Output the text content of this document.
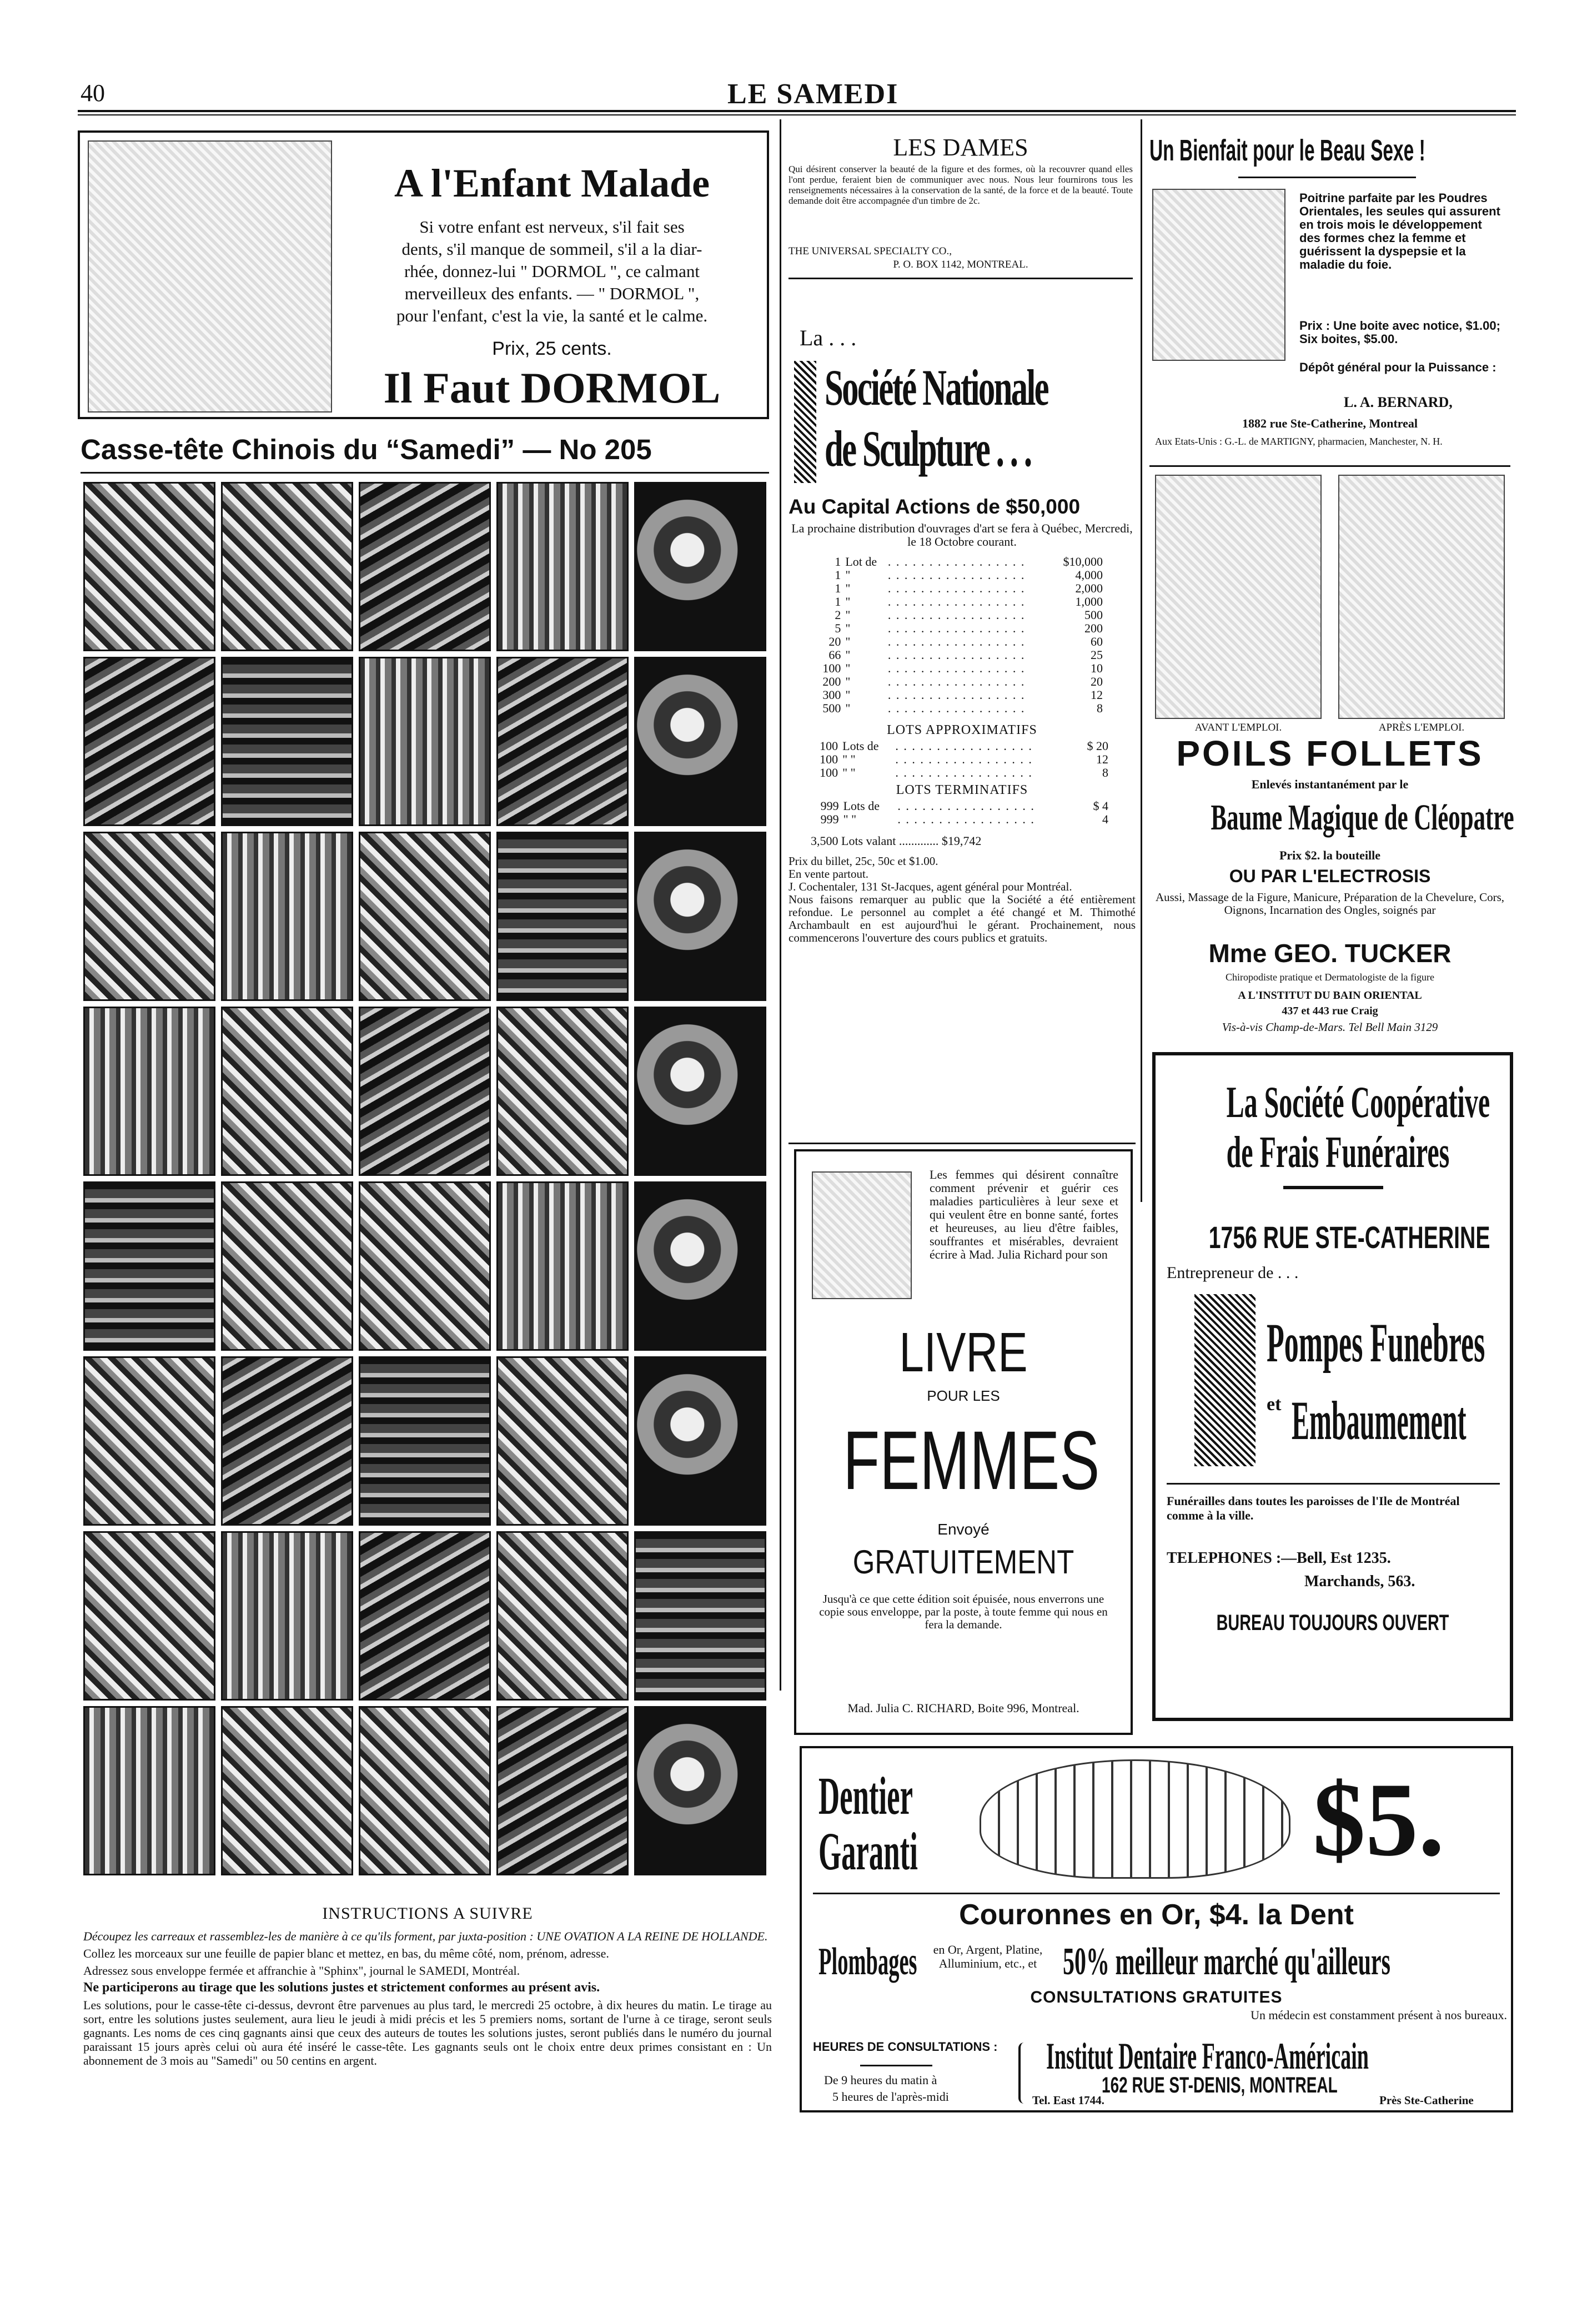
40	LE SAMEDI
A l'Enfant Malade
Si votre enfant est nerveux, s'il fait ses
dents, s'il manque de sommeil, s'il a la diar-
rhée, donnez-lui " DORMOL ", ce calmant
merveilleux des enfants. — " DORMOL ",
pour l'enfant, c'est la vie, la santé et le calme.
Prix, 25 cents.
Il Faut DORMOL
Casse-tête Chinois du “Samedi” — No 205
INSTRUCTIONS A SUIVRE
Découpez les carreaux et rassemblez-les de manière à ce qu'ils forment, par juxta-position : UNE OVATION A LA REINE DE HOLLANDE.
Collez les morceaux sur une feuille de papier blanc et mettez, en bas, du même côté, nom, prénom, adresse.
Adressez sous enveloppe fermée et affranchie à "Sphinx", journal le SAMEDI, Montréal.
Ne participerons au tirage que les solutions justes et strictement conformes au présent avis.
Les solutions, pour le casse-tête ci-dessus, devront être parvenues au plus tard, le mercredi 25 octobre, à dix heures du matin. Le tirage au sort, entre les solutions justes seulement, aura lieu le jeudi à midi précis et les 5 premiers noms, sortant de l'urne à ce tirage, seront seuls gagnants. Les noms de ces cinq gagnants ainsi que ceux des auteurs de toutes les solutions justes, seront publiés dans le numéro du journal paraissant 15 jours après celui où aura été inséré le casse-tête. Les gagnants seuls ont le choix entre deux primes consistant en : Un abonnement de 3 mois au "Samedi" ou 50 centins en argent.
LES DAMES
Qui désirent conserver la beauté de la figure et des formes, où la recouvrer quand elles l'ont perdue, feraient bien de communiquer avec nous. Nous leur fournirons tous les renseignements nécessaires à la conservation de la santé, de la force et de la beauté. Toute demande doit être accompagnée d'un timbre de 2c.
THE UNIVERSAL SPECIALTY CO.,
P. O. BOX 1142, MONTREAL.
La . . .
Société Nationale
de Sculpture . . .
Au Capital Actions de $50,000
La prochaine distribution d'ouvrages d'art se fera à Québec, Mercredi, le 18 Octobre courant.
1	Lot de	. . . . . . . . . . . . . . . . .	$10,000
1	"	. . . . . . . . . . . . . . . . .	4,000
1	"	. . . . . . . . . . . . . . . . .	2,000
1	"	. . . . . . . . . . . . . . . . .	1,000
2	"	. . . . . . . . . . . . . . . . .	500
5	"	. . . . . . . . . . . . . . . . .	200
20	"	. . . . . . . . . . . . . . . . .	60
66	"	. . . . . . . . . . . . . . . . .	25
100	"	. . . . . . . . . . . . . . . . .	10
200	"	. . . . . . . . . . . . . . . . .	20
300	"	. . . . . . . . . . . . . . . . .	12
500	"	. . . . . . . . . . . . . . . . .	8
LOTS APPROXIMATIFS
100	Lots de	. . . . . . . . . . . . . . . . .	$ 20
100	" "	. . . . . . . . . . . . . . . . .	12
100	" "	. . . . . . . . . . . . . . . . .	8
LOTS TERMINATIFS
999	Lots de	. . . . . . . . . . . . . . . . .	$ 4
999	" "	. . . . . . . . . . . . . . . . .	4
3,500 Lots valant ............. $19,742
Prix du billet, 25c, 50c et $1.00.
En vente partout.
J. Cochentaler, 131 St-Jacques, agent général pour Montréal.
Nous faisons remarquer au public que la Société a été entièrement refondue. Le personnel au complet a été changé et M. Thimothé Archambault en est aujourd'hui le gérant. Prochainement, nous commencerons l'ouverture des cours publics et gratuits.
Les femmes qui désirent connaître comment prévenir et guérir ces maladies particulières à leur sexe et qui veulent être en bonne santé, fortes et heureuses, au lieu d'être faibles, souffrantes et misérables, devraient écrire à Mad. Julia Richard pour son
LIVRE
POUR LES
FEMMES
Envoyé
GRATUITEMENT
Jusqu'à ce que cette édition soit épuisée, nous enverrons une copie sous enveloppe, par la poste, à toute femme qui nous en fera la demande.
Mad. Julia C. RICHARD, Boite 996, Montreal.
Un Bienfait pour le Beau Sexe !
Poitrine parfaite par les Poudres Orientales, les seules qui assurent en trois mois le développement des formes chez la femme et guérissent la dyspepsie et la maladie du foie.
Prix : Une boite avec notice, $1.00; Six boites, $5.00.
Dépôt général pour la Puissance :
L. A. BERNARD,
1882 rue Ste-Catherine, Montreal
Aux Etats-Unis : G.-L. de MARTIGNY, pharmacien, Manchester, N. H.
AVANT L'EMPLOI.	APRÈS L'EMPLOI.
POILS FOLLETS
Enlevés instantanément par le
Baume Magique de Cléopatre
Prix $2. la bouteille
OU PAR L'ELECTROSIS
Aussi, Massage de la Figure, Manicure, Préparation de la Chevelure, Cors, Oignons, Incarnation des Ongles, soignés par
Mme GEO. TUCKER
Chiropodiste pratique et Dermatologiste de la figure
A L'INSTITUT DU BAIN ORIENTAL
437 et 443 rue Craig
Vis-à-vis Champ-de-Mars. Tel Bell Main 3129
La Société Coopérative
de Frais Funéraires
1756 RUE STE-CATHERINE
Entrepreneur de . . .
Pompes Funebres
et Embaumement
Funérailles dans toutes les paroisses de l'Ile de Montréal comme à la ville.
TELEPHONES :—Bell, Est 1235.
Marchands, 563.
BUREAU TOUJOURS OUVERT
Dentier
Garanti	$5.
Couronnes en Or, $4. la Dent
Plombages	en Or, Argent, Platine, Alluminium, etc., et 50% meilleur marché qu'ailleurs
CONSULTATIONS GRATUITES
Un médecin est constamment présent à nos bureaux.
HEURES DE CONSULTATIONS :
De 9 heures du matin à
5 heures de l'après-midi
Institut Dentaire Franco-Américain
162 RUE ST-DENIS, MONTREAL
Tel. East 1744.	Près Ste-Catherine
